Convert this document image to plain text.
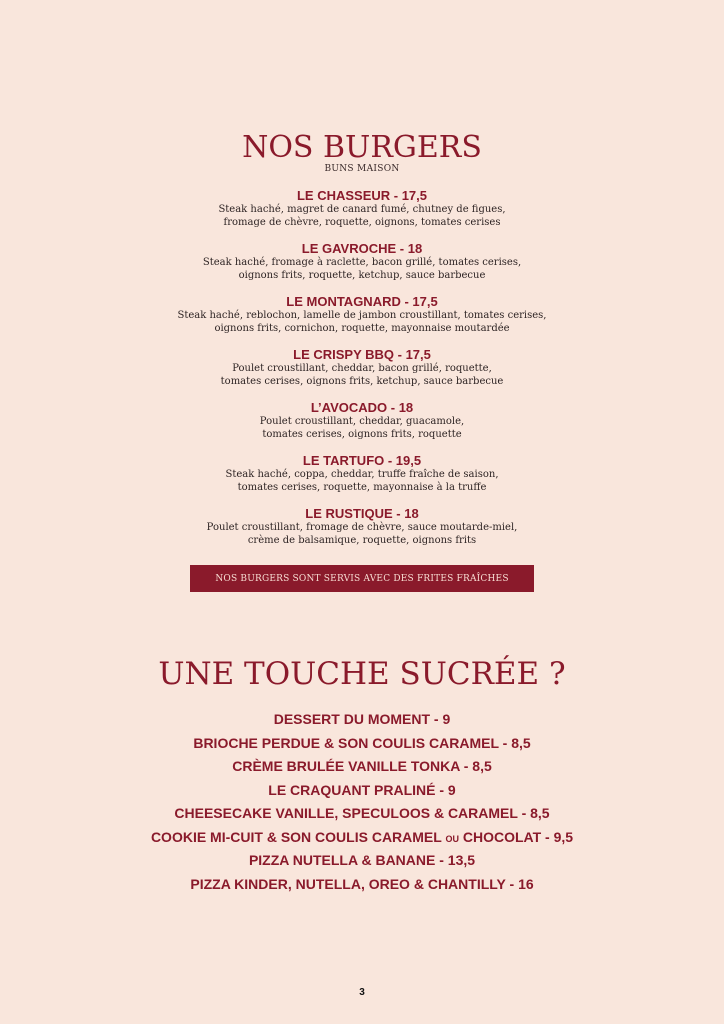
NOS BURGERS
BUNS MAISON
LE CHASSEUR - 17,5
Steak haché, magret de canard fumé, chutney de figues,
fromage de chèvre, roquette, oignons, tomates cerises
LE GAVROCHE - 18
Steak haché, fromage à raclette, bacon grillé, tomates cerises,
oignons frits, roquette, ketchup, sauce barbecue
LE MONTAGNARD - 17,5
Steak haché, reblochon, lamelle de jambon croustillant, tomates cerises,
oignons frits, cornichon, roquette, mayonnaise moutardée
LE CRISPY BBQ - 17,5
Poulet croustillant, cheddar, bacon grillé, roquette,
tomates cerises, oignons frits, ketchup, sauce barbecue
L’AVOCADO - 18
Poulet croustillant, cheddar, guacamole,
tomates cerises, oignons frits, roquette
LE TARTUFO - 19,5
Steak haché, coppa, cheddar, truffe fraîche de saison,
tomates cerises, roquette, mayonnaise à la truffe
LE RUSTIQUE - 18
Poulet croustillant, fromage de chèvre, sauce moutarde-miel,
crème de balsamique, roquette, oignons frits
NOS BURGERS SONT SERVIS AVEC DES FRITES FRAÎCHES
UNE TOUCHE SUCRÉE ?
DESSERT DU MOMENT - 9
BRIOCHE PERDUE & SON COULIS CARAMEL - 8,5
CRÈME BRULÉE VANILLE TONKA - 8,5
LE CRAQUANT PRALINÉ - 9
CHEESECAKE VANILLE, SPECULOOS & CARAMEL - 8,5
COOKIE MI-CUIT & SON COULIS CARAMEL OU CHOCOLAT - 9,5
PIZZA NUTELLA & BANANE - 13,5
PIZZA KINDER, NUTELLA, OREO & CHANTILLY - 16
3
